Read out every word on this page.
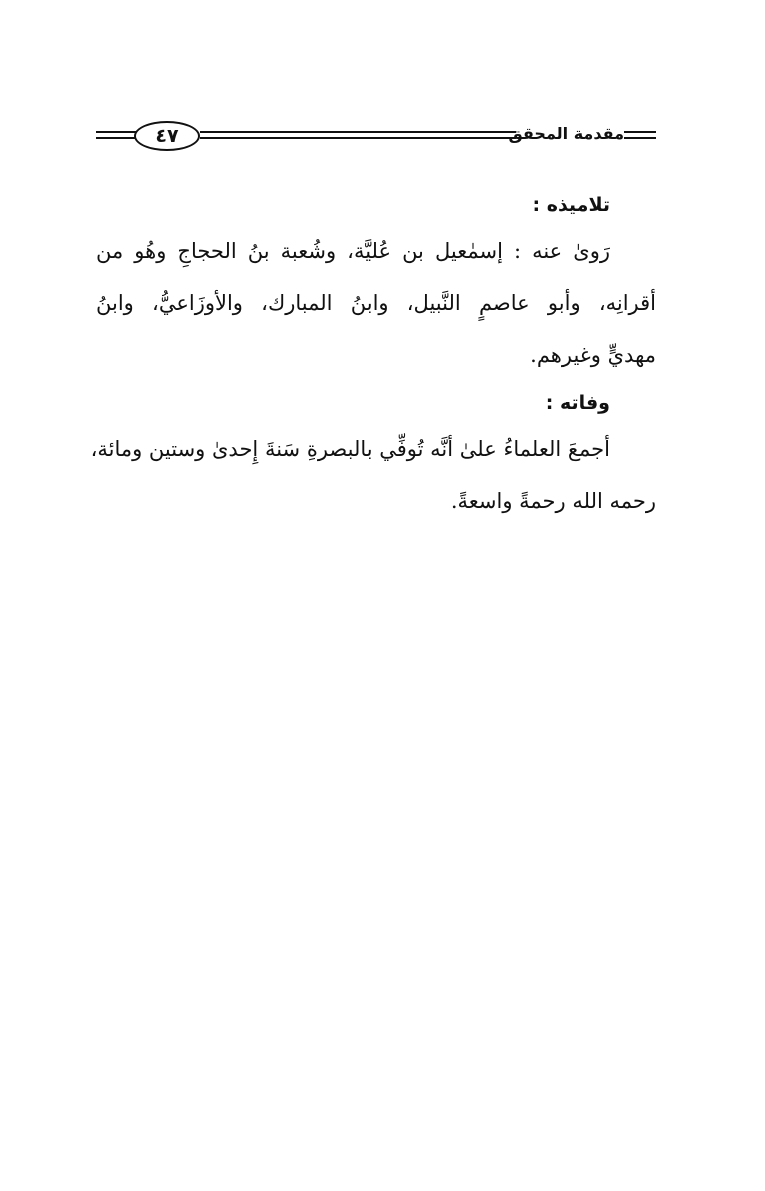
٤٧	مقدمة المحقق
تلاميذه :

رَوىٰ عنه : إسمٰعيل بن عُليَّة، وشُعبة بنُ الحجاجِ وهُو من
أقرانِه، وأبو عاصمٍ النَّبيل، وابنُ المبارك، والأوزَاعيُّ، وابنُ
مهديٍّ وغيرهم.

وفاته :

أجمعَ العلماءُ علىٰ أنَّه تُوفِّي بالبصرةِ سَنةَ إِحدىٰ وستين ومائة،
رحمه الله رحمةً واسعةً.
